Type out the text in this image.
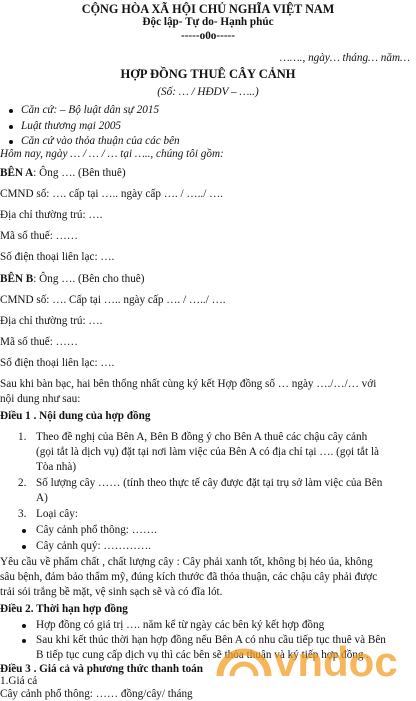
CỘNG HÒA XÃ HỘI CHỦ NGHĨA VIỆT NAM
Độc lập- Tự do- Hạnh phúc
-----o0o-----
……., ngày… tháng… năm…
HỢP ĐỒNG THUÊ CÂY CẢNH
(Số: … / HĐDV – …..)
Căn cứ: – Bộ luật dân sự 2015
Luật thương mại 2005
Căn cứ vào thỏa thuận của các bên
Hôm nay, ngày … / … / … tại ….., chúng tôi gồm:
BÊN A: Ông …. (Bên thuê)
CMND số: …. cấp tại ….. ngày cấp …. / …../ ….
Địa chỉ thường trú: ….
Mã số thuế: ……
Số điện thoại liên lạc: ….
BÊN B: Ông …. (Bên cho thuê)
CMND số: …. Cấp tại ….. ngày cấp …. / …../ ….
Địa chỉ thường trú: ….
Mã số thuế: ……
Số điện thoại liên lạc: ….
Sau khi bàn bạc, hai bên thống nhất cùng ký kết Hợp đồng số … ngày …./…/… với
nội dung như sau:
Điều 1 . Nội dung của hợp đồng
1. Theo đề nghị của Bên A, Bên B đồng ý cho Bên A thuê các chậu cây cảnh
(gọi tắt là dịch vụ) đặt tại nơi làm việc của Bên A có địa chỉ tại …. (gọi tắt là
Tòa nhà)
2. Số lượng cây …… (tính theo thực tế cây được đặt tại trụ sở làm việc của Bên
A)
3. Loại cây:
Cây cảnh phổ thông: …….
Cây cảnh quý: ………….
Yêu cầu về phẩm chất , chất lượng cây : Cây phải xanh tốt, không bị héo úa, không
sâu bệnh, đảm bảo thẩm mỹ, đúng kích thước đã thỏa thuận, các chậu cây phải được
trải sỏi trắng bề mặt, vệ sinh sạch sẽ và có đĩa lót.
Điều 2. Thời hạn hợp đồng
Hợp đồng có giá trị …. năm kể từ ngày các bên ký kết hợp đồng
Sau khi kết thúc thời hạn hợp đồng nếu Bên A có nhu cầu tiếp tục thuê và Bên
B tiếp tục cung cấp dịch vụ thì các bên sẽ thỏa thuận và ký tiếp hợp đồng .
Điều 3 . Giá cả và phương thức thanh toán
1.Giá cả
Cây cảnh phổ thông: …… đồng/cây/ tháng
vndoc
